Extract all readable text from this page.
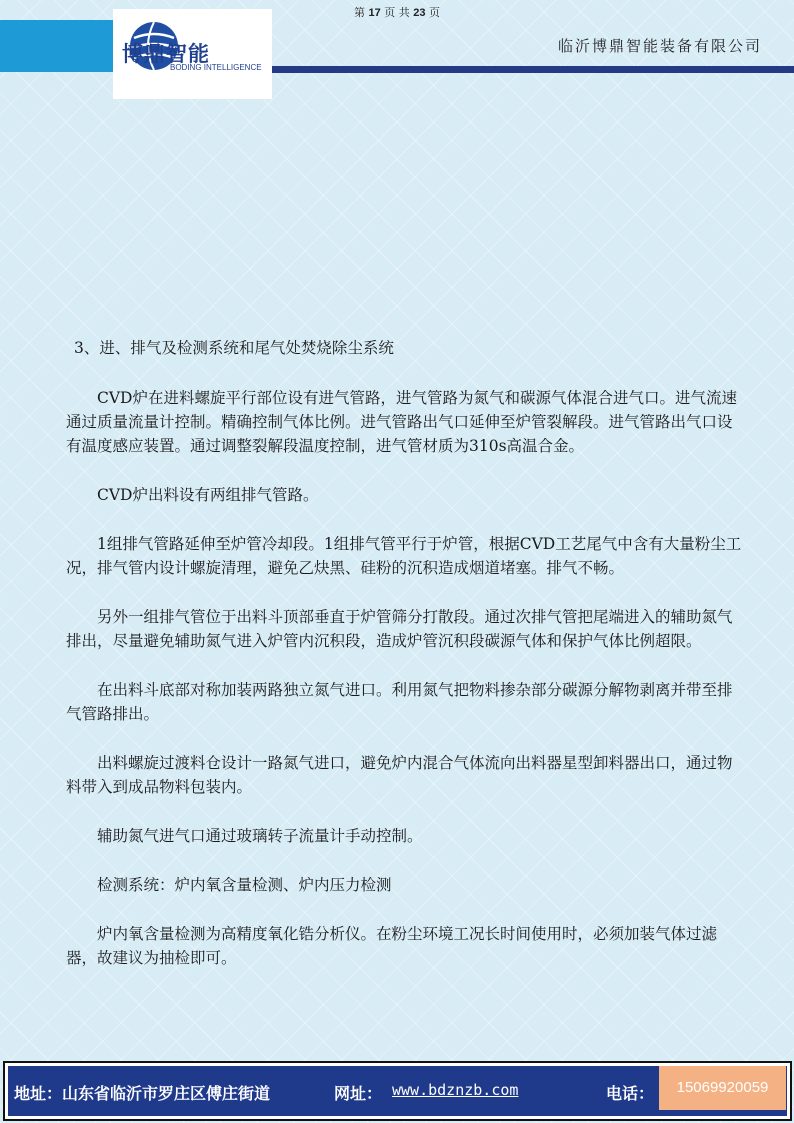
第 17 页 共 23 页
博鼎智能
BODING INTELLIGENCE
临沂博鼎智能装备有限公司

3、进、排气及检测系统和尾气处焚烧除尘系统

CVD炉在进料螺旋平行部位设有进气管路，进气管路为氮气和碳源气体混合进气口。进气流速通过质量流量计控制。精确控制气体比例。进气管路出气口延伸至炉管裂解段。进气管路出气口设有温度感应装置。通过调整裂解段温度控制，进气管材质为310s高温合金。

CVD炉出料设有两组排气管路。

1组排气管路延伸至炉管冷却段。1组排气管平行于炉管，根据CVD工艺尾气中含有大量粉尘工况，排气管内设计螺旋清理，避免乙炔黑、硅粉的沉积造成烟道堵塞。排气不畅。

另外一组排气管位于出料斗顶部垂直于炉管筛分打散段。通过次排气管把尾端进入的辅助氮气排出，尽量避免辅助氮气进入炉管内沉积段，造成炉管沉积段碳源气体和保护气体比例超限。

在出料斗底部对称加装两路独立氮气进口。利用氮气把物料掺杂部分碳源分解物剥离并带至排气管路排出。

出料螺旋过渡料仓设计一路氮气进口，避免炉内混合气体流向出料器星型卸料器出口，通过物料带入到成品物料包装内。

辅助氮气进气口通过玻璃转子流量计手动控制。

检测系统：炉内氧含量检测、炉内压力检测

炉内氧含量检测为高精度氧化锆分析仪。在粉尘环境工况长时间使用时，必须加装气体过滤器，故建议为抽检即可。

地址：山东省临沂市罗庄区傅庄街道	网址： www.bdznzb.com	电话：	15069920059
